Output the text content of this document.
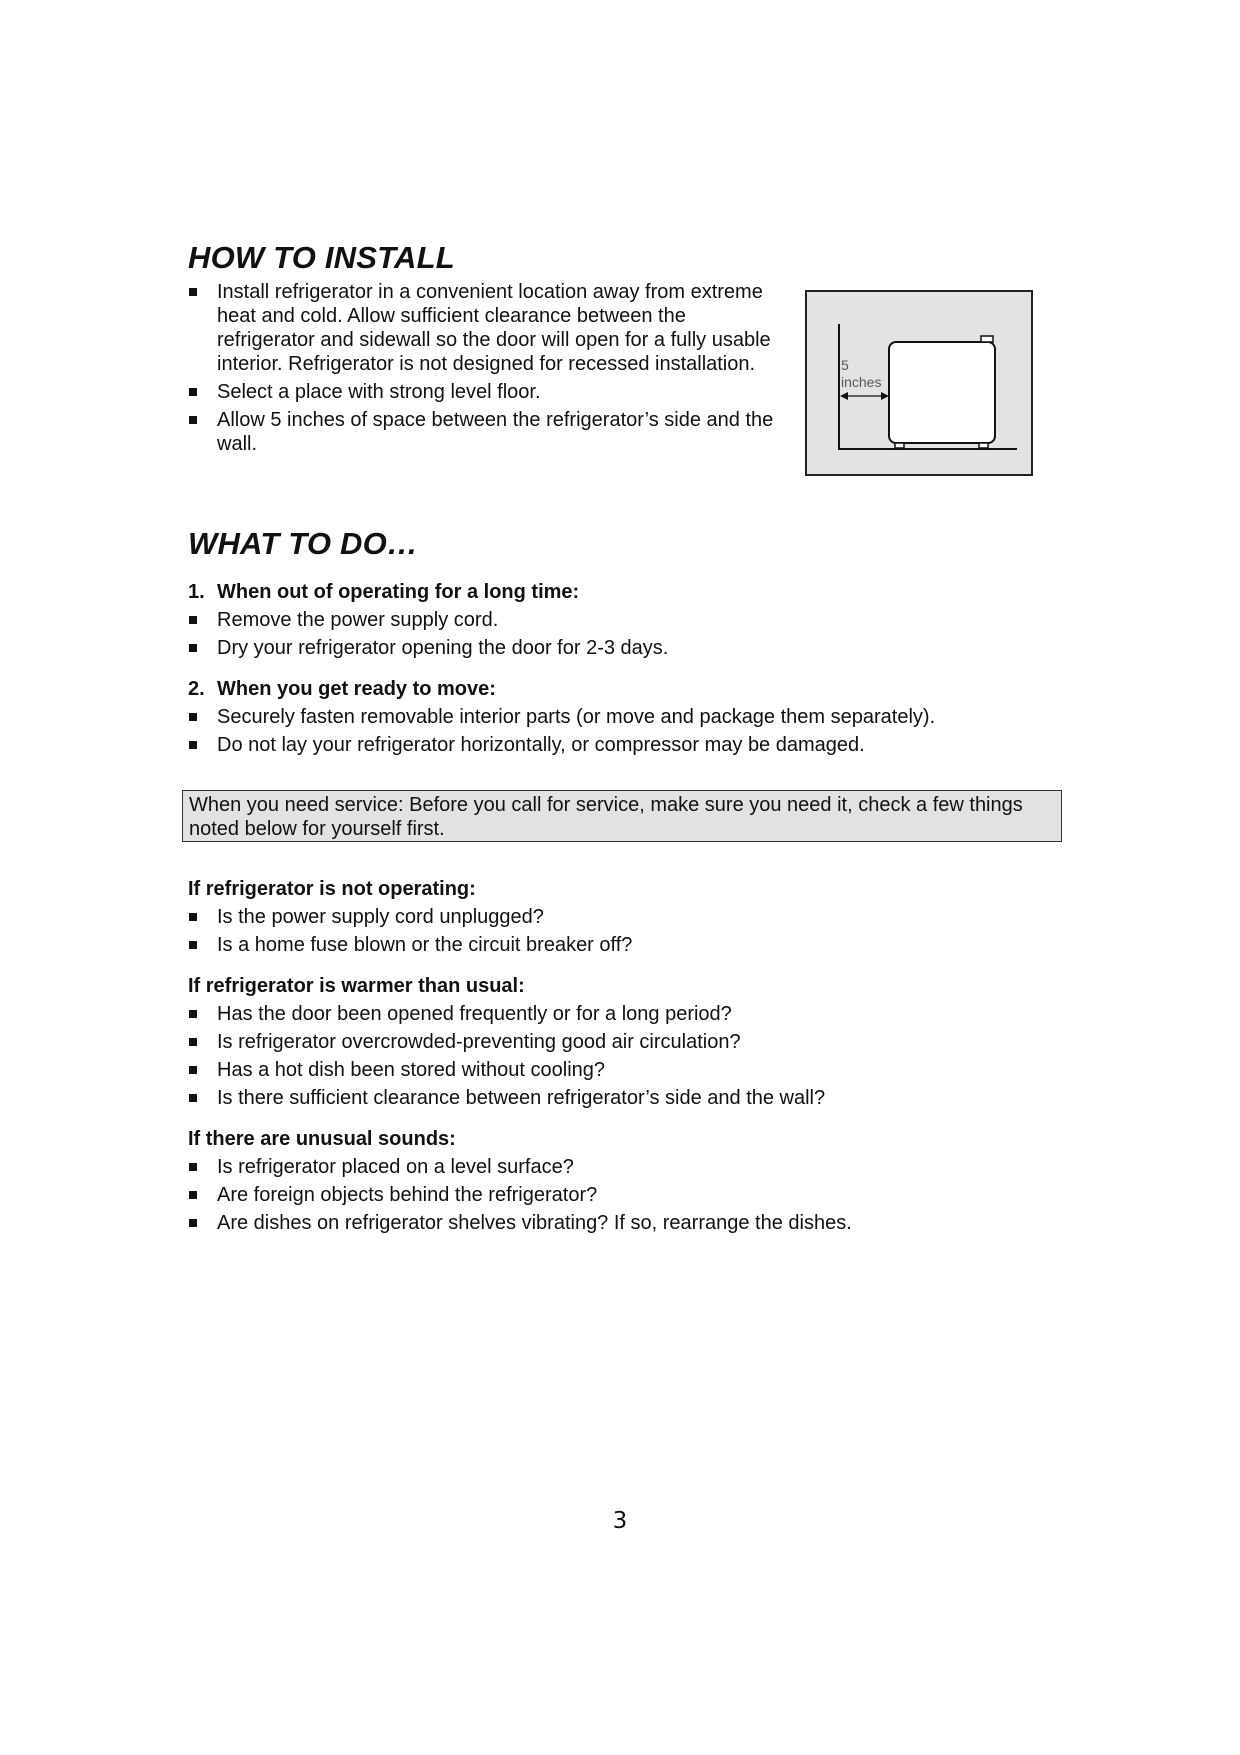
HOW TO INSTALL
Install refrigerator in a convenient location away from extreme heat and cold. Allow sufficient clearance between the refrigerator and sidewall so the door will open for a fully usable interior. Refrigerator is not designed for recessed installation.
Select a place with strong level floor.
Allow 5 inches of space between the refrigerator’s side and the wall.
5
inches
WHAT TO DO…
1. When out of operating for a long time:
Remove the power supply cord.
Dry your refrigerator opening the door for 2-3 days.
2. When you get ready to move:
Securely fasten removable interior parts (or move and package them separately).
Do not lay your refrigerator horizontally, or compressor may be damaged.
When you need service: Before you call for service, make sure you need it, check a few things noted below for yourself first.
If refrigerator is not operating:
Is the power supply cord unplugged?
Is a home fuse blown or the circuit breaker off?
If refrigerator is warmer than usual:
Has the door been opened frequently or for a long period?
Is refrigerator overcrowded-preventing good air circulation?
Has a hot dish been stored without cooling?
Is there sufficient clearance between refrigerator’s side and the wall?
If there are unusual sounds:
Is refrigerator placed on a level surface?
Are foreign objects behind the refrigerator?
Are dishes on refrigerator shelves vibrating? If so, rearrange the dishes.
3
